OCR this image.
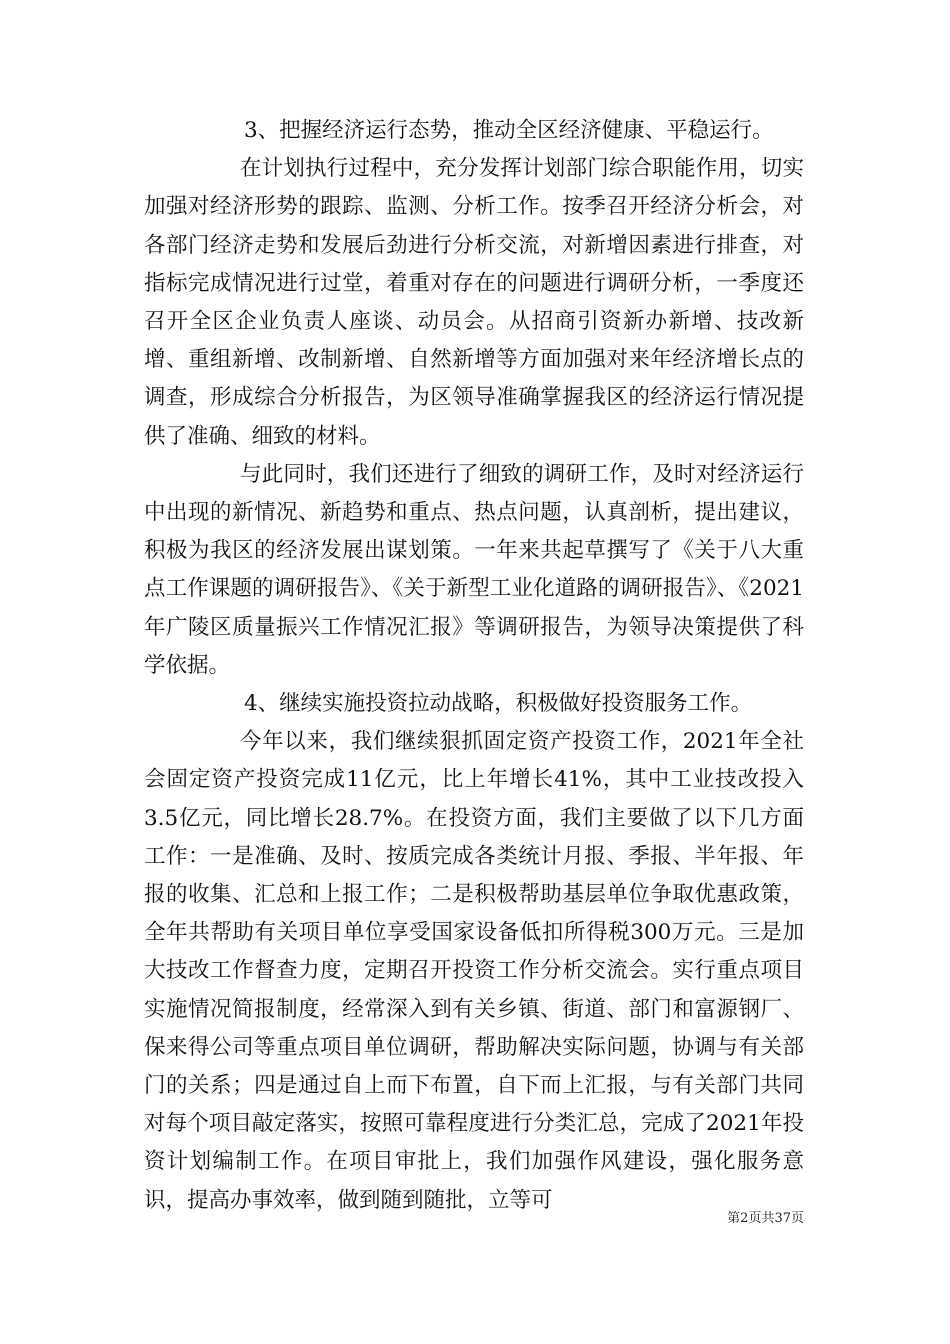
3、把握经济运行态势，推动全区经济健康、平稳运行。

在计划执行过程中，充分发挥计划部门综合职能作用，切实加强对经济形势的跟踪、监测、分析工作。按季召开经济分析会，对各部门经济走势和发展后劲进行分析交流，对新增因素进行排查，对指标完成情况进行过堂，着重对存在的问题进行调研分析，一季度还召开全区企业负责人座谈、动员会。从招商引资新办新增、技改新增、重组新增、改制新增、自然新增等方面加强对来年经济增长点的调查，形成综合分析报告，为区领导准确掌握我区的经济运行情况提供了准确、细致的材料。

与此同时，我们还进行了细致的调研工作，及时对经济运行中出现的新情况、新趋势和重点、热点问题，认真剖析，提出建议，积极为我区的经济发展出谋划策。一年来共起草撰写了《关于八大重点工作课题的调研报告》、《关于新型工业化道路的调研报告》、《2021年广陵区质量振兴工作情况汇报》等调研报告，为领导决策提供了科学依据。

4、继续实施投资拉动战略，积极做好投资服务工作。

今年以来，我们继续狠抓固定资产投资工作，2021年全社会固定资产投资完成11亿元，比上年增长41%，其中工业技改投入3.5亿元，同比增长28.7%。在投资方面，我们主要做了以下几方面工作：一是准确、及时、按质完成各类统计月报、季报、半年报、年报的收集、汇总和上报工作；二是积极帮助基层单位争取优惠政策，全年共帮助有关项目单位享受国家设备低扣所得税300万元。三是加大技改工作督查力度，定期召开投资工作分析交流会。实行重点项目实施情况简报制度，经常深入到有关乡镇、街道、部门和富源钢厂、保来得公司等重点项目单位调研，帮助解决实际问题，协调与有关部门的关系；四是通过自上而下布置，自下而上汇报，与有关部门共同对每个项目敲定落实，按照可靠程度进行分类汇总，完成了2021年投资计划编制工作。在项目审批上，我们加强作风建设，强化服务意识，提高办事效率，做到随到随批，立等可

第2页共37页
